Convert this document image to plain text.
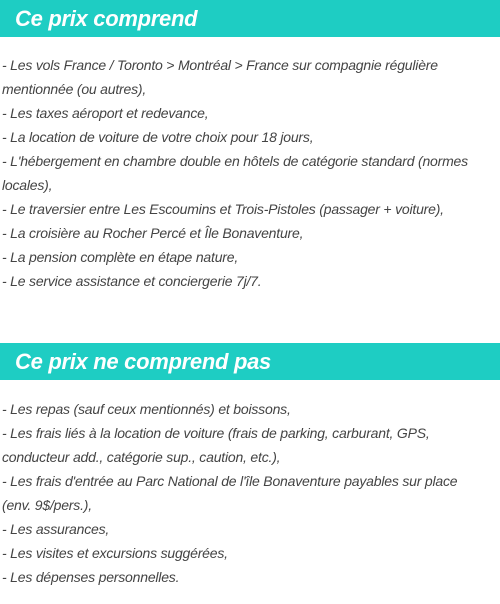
Ce prix comprend
- Les vols France / Toronto > Montréal > France sur compagnie régulière mentionnée (ou autres),
- Les taxes aéroport et redevance,
- La location de voiture de votre choix pour 18 jours,
- L'hébergement en chambre double en hôtels de catégorie standard (normes locales),
- Le traversier entre Les Escoumins et Trois-Pistoles (passager + voiture),
- La croisière au Rocher Percé et Île Bonaventure,
- La pension complète en étape nature,
- Le service assistance et conciergerie 7j/7.
Ce prix ne comprend pas
- Les repas (sauf ceux mentionnés) et boissons,
- Les frais liés à la location de voiture (frais de parking, carburant, GPS, conducteur add., catégorie sup., caution, etc.),
- Les frais d'entrée au Parc National de l'île Bonaventure payables sur place (env. 9$/pers.),
- Les assurances,
- Les visites et excursions suggérées,
- Les dépenses personnelles.
